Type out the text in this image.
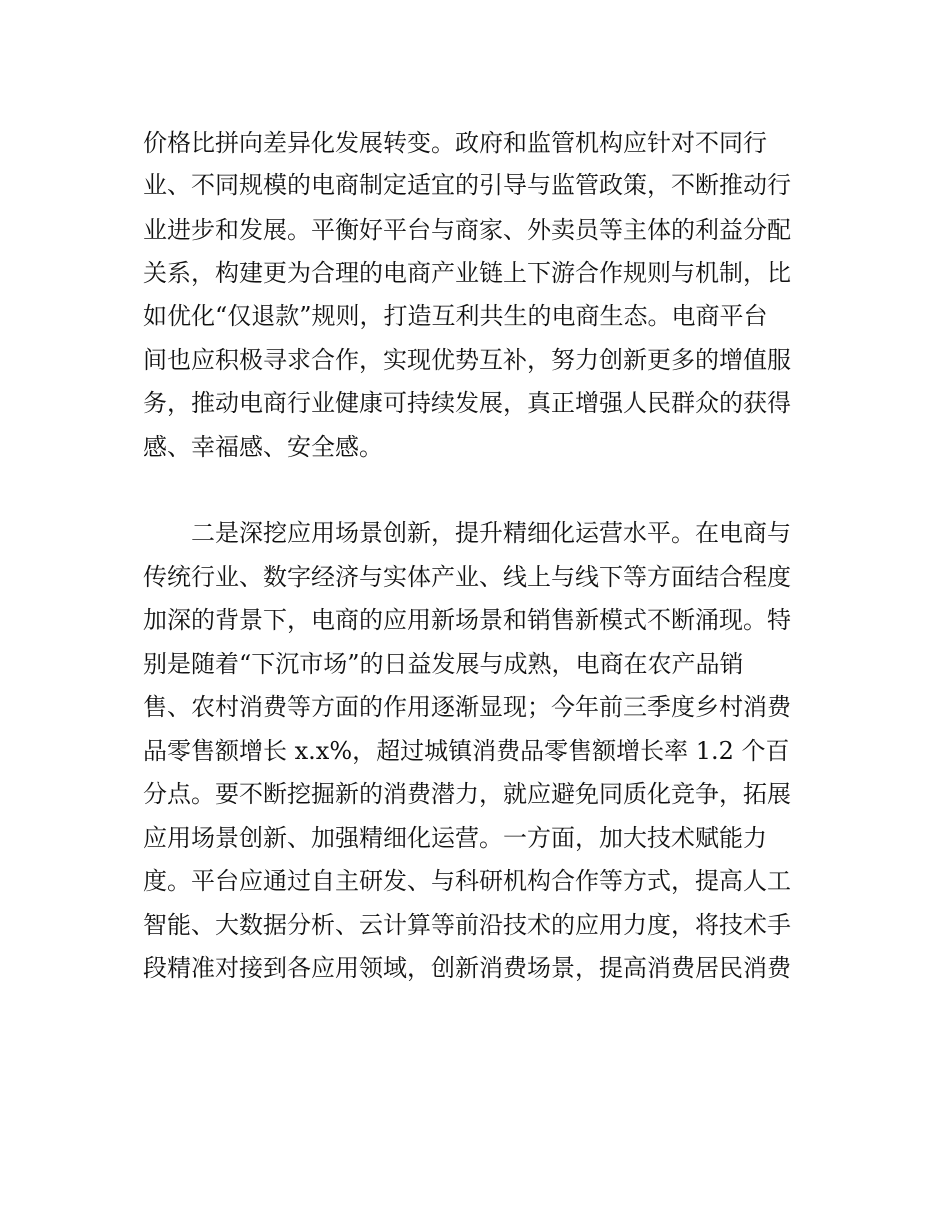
价格比拼向差异化发展转变。政府和监管机构应针对不同行
业、不同规模的电商制定适宜的引导与监管政策，不断推动行
业进步和发展。平衡好平台与商家、外卖员等主体的利益分配
关系，构建更为合理的电商产业链上下游合作规则与机制，比
如优化“仅退款”规则，打造互利共生的电商生态。电商平台
间也应积极寻求合作，实现优势互补，努力创新更多的增值服
务，推动电商行业健康可持续发展，真正增强人民群众的获得
感、幸福感、安全感。
二是深挖应用场景创新，提升精细化运营水平。在电商与
传统行业、数字经济与实体产业、线上与线下等方面结合程度
加深的背景下，电商的应用新场景和销售新模式不断涌现。特
别是随着“下沉市场”的日益发展与成熟，电商在农产品销
售、农村消费等方面的作用逐渐显现；今年前三季度乡村消费
品零售额增长 x.x%，超过城镇消费品零售额增长率 1.2 个百
分点。要不断挖掘新的消费潜力，就应避免同质化竞争，拓展
应用场景创新、加强精细化运营。一方面，加大技术赋能力
度。平台应通过自主研发、与科研机构合作等方式，提高人工
智能、大数据分析、云计算等前沿技术的应用力度，将技术手
段精准对接到各应用领域，创新消费场景，提高消费居民消费
